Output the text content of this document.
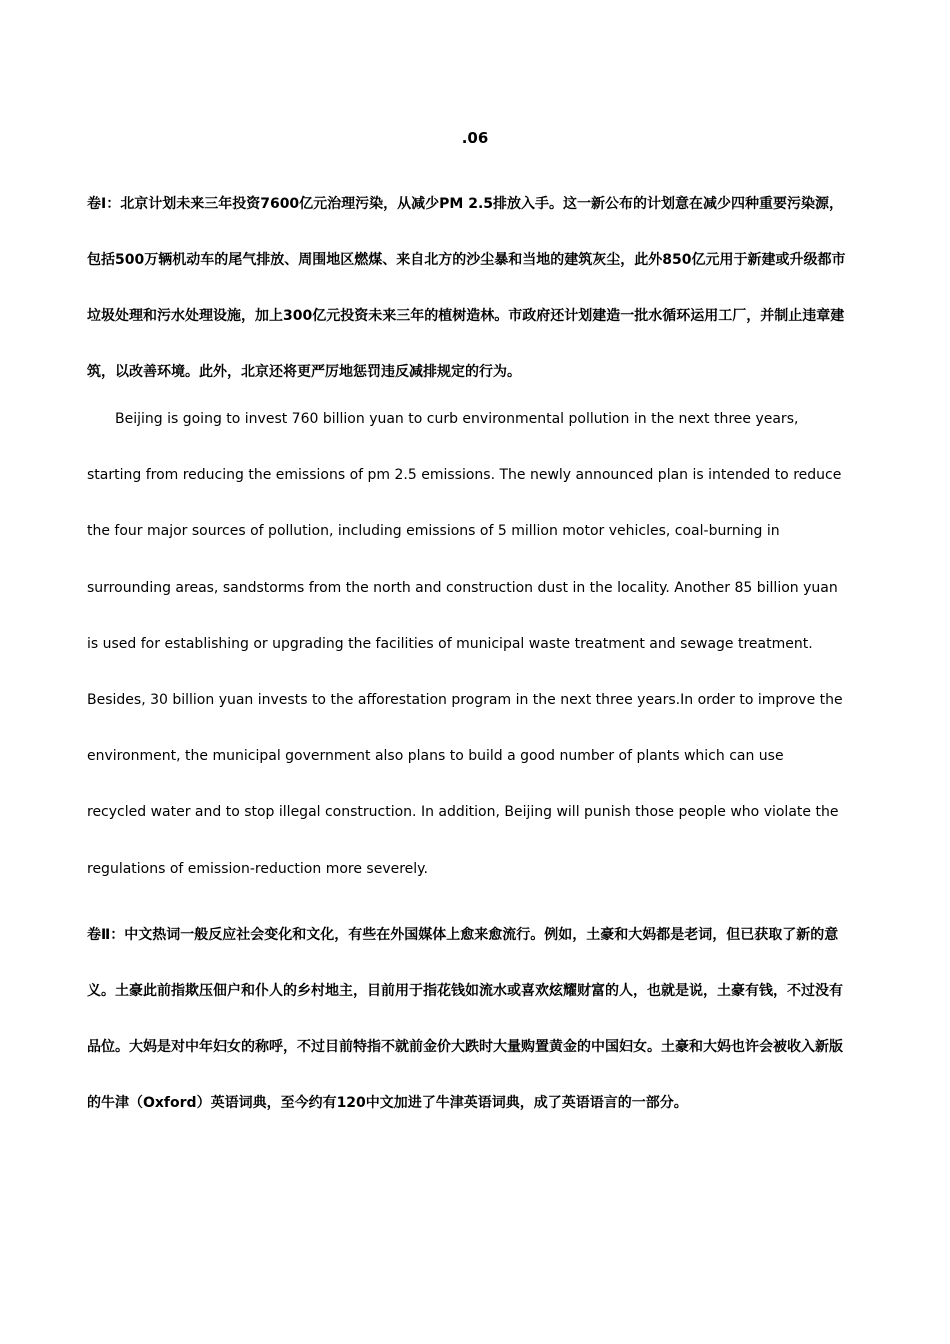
.06
卷Ⅰ：北京计划未来三年投资7600亿元治理污染，从减少PM 2.5排放入手。这一新公布的计划意在减少四种重要污染源，
包括500万辆机动车的尾气排放、周围地区燃煤、来自北方的沙尘暴和当地的建筑灰尘，此外850亿元用于新建或升级都市
垃圾处理和污水处理设施，加上300亿元投资未来三年的植树造林。市政府还计划建造一批水循环运用工厂，并制止违章建
筑，以改善环境。此外，北京还将更严厉地惩罚违反减排规定的行为。
Beijing is going to invest 760 billion yuan to curb environmental pollution in the next three years,
starting from reducing the emissions of pm 2.5 emissions. The newly announced plan is intended to reduce
the four major sources of pollution, including emissions of 5 million motor vehicles, coal-burning in
surrounding areas, sandstorms from the north and construction dust in the locality. Another 85 billion yuan
is used for establishing or upgrading the facilities of municipal waste treatment and sewage treatment.
Besides, 30 billion yuan invests to the afforestation program in the next three years.In order to improve the
environment, the municipal government also plans to build a good number of plants which can use
recycled water and to stop illegal construction. In addition, Beijing will punish those people who violate the
regulations of emission-reduction more severely.
卷Ⅱ：中文热词一般反应社会变化和文化，有些在外国媒体上愈来愈流行。例如，土豪和大妈都是老词，但已获取了新的意
义。土豪此前指欺压佃户和仆人的乡村地主，目前用于指花钱如流水或喜欢炫耀财富的人，也就是说，土豪有钱，不过没有
品位。大妈是对中年妇女的称呼，不过目前特指不就前金价大跌时大量购置黄金的中国妇女。土豪和大妈也许会被收入新版
的牛津（Oxford）英语词典，至今约有120中文加进了牛津英语词典，成了英语语言的一部分。
